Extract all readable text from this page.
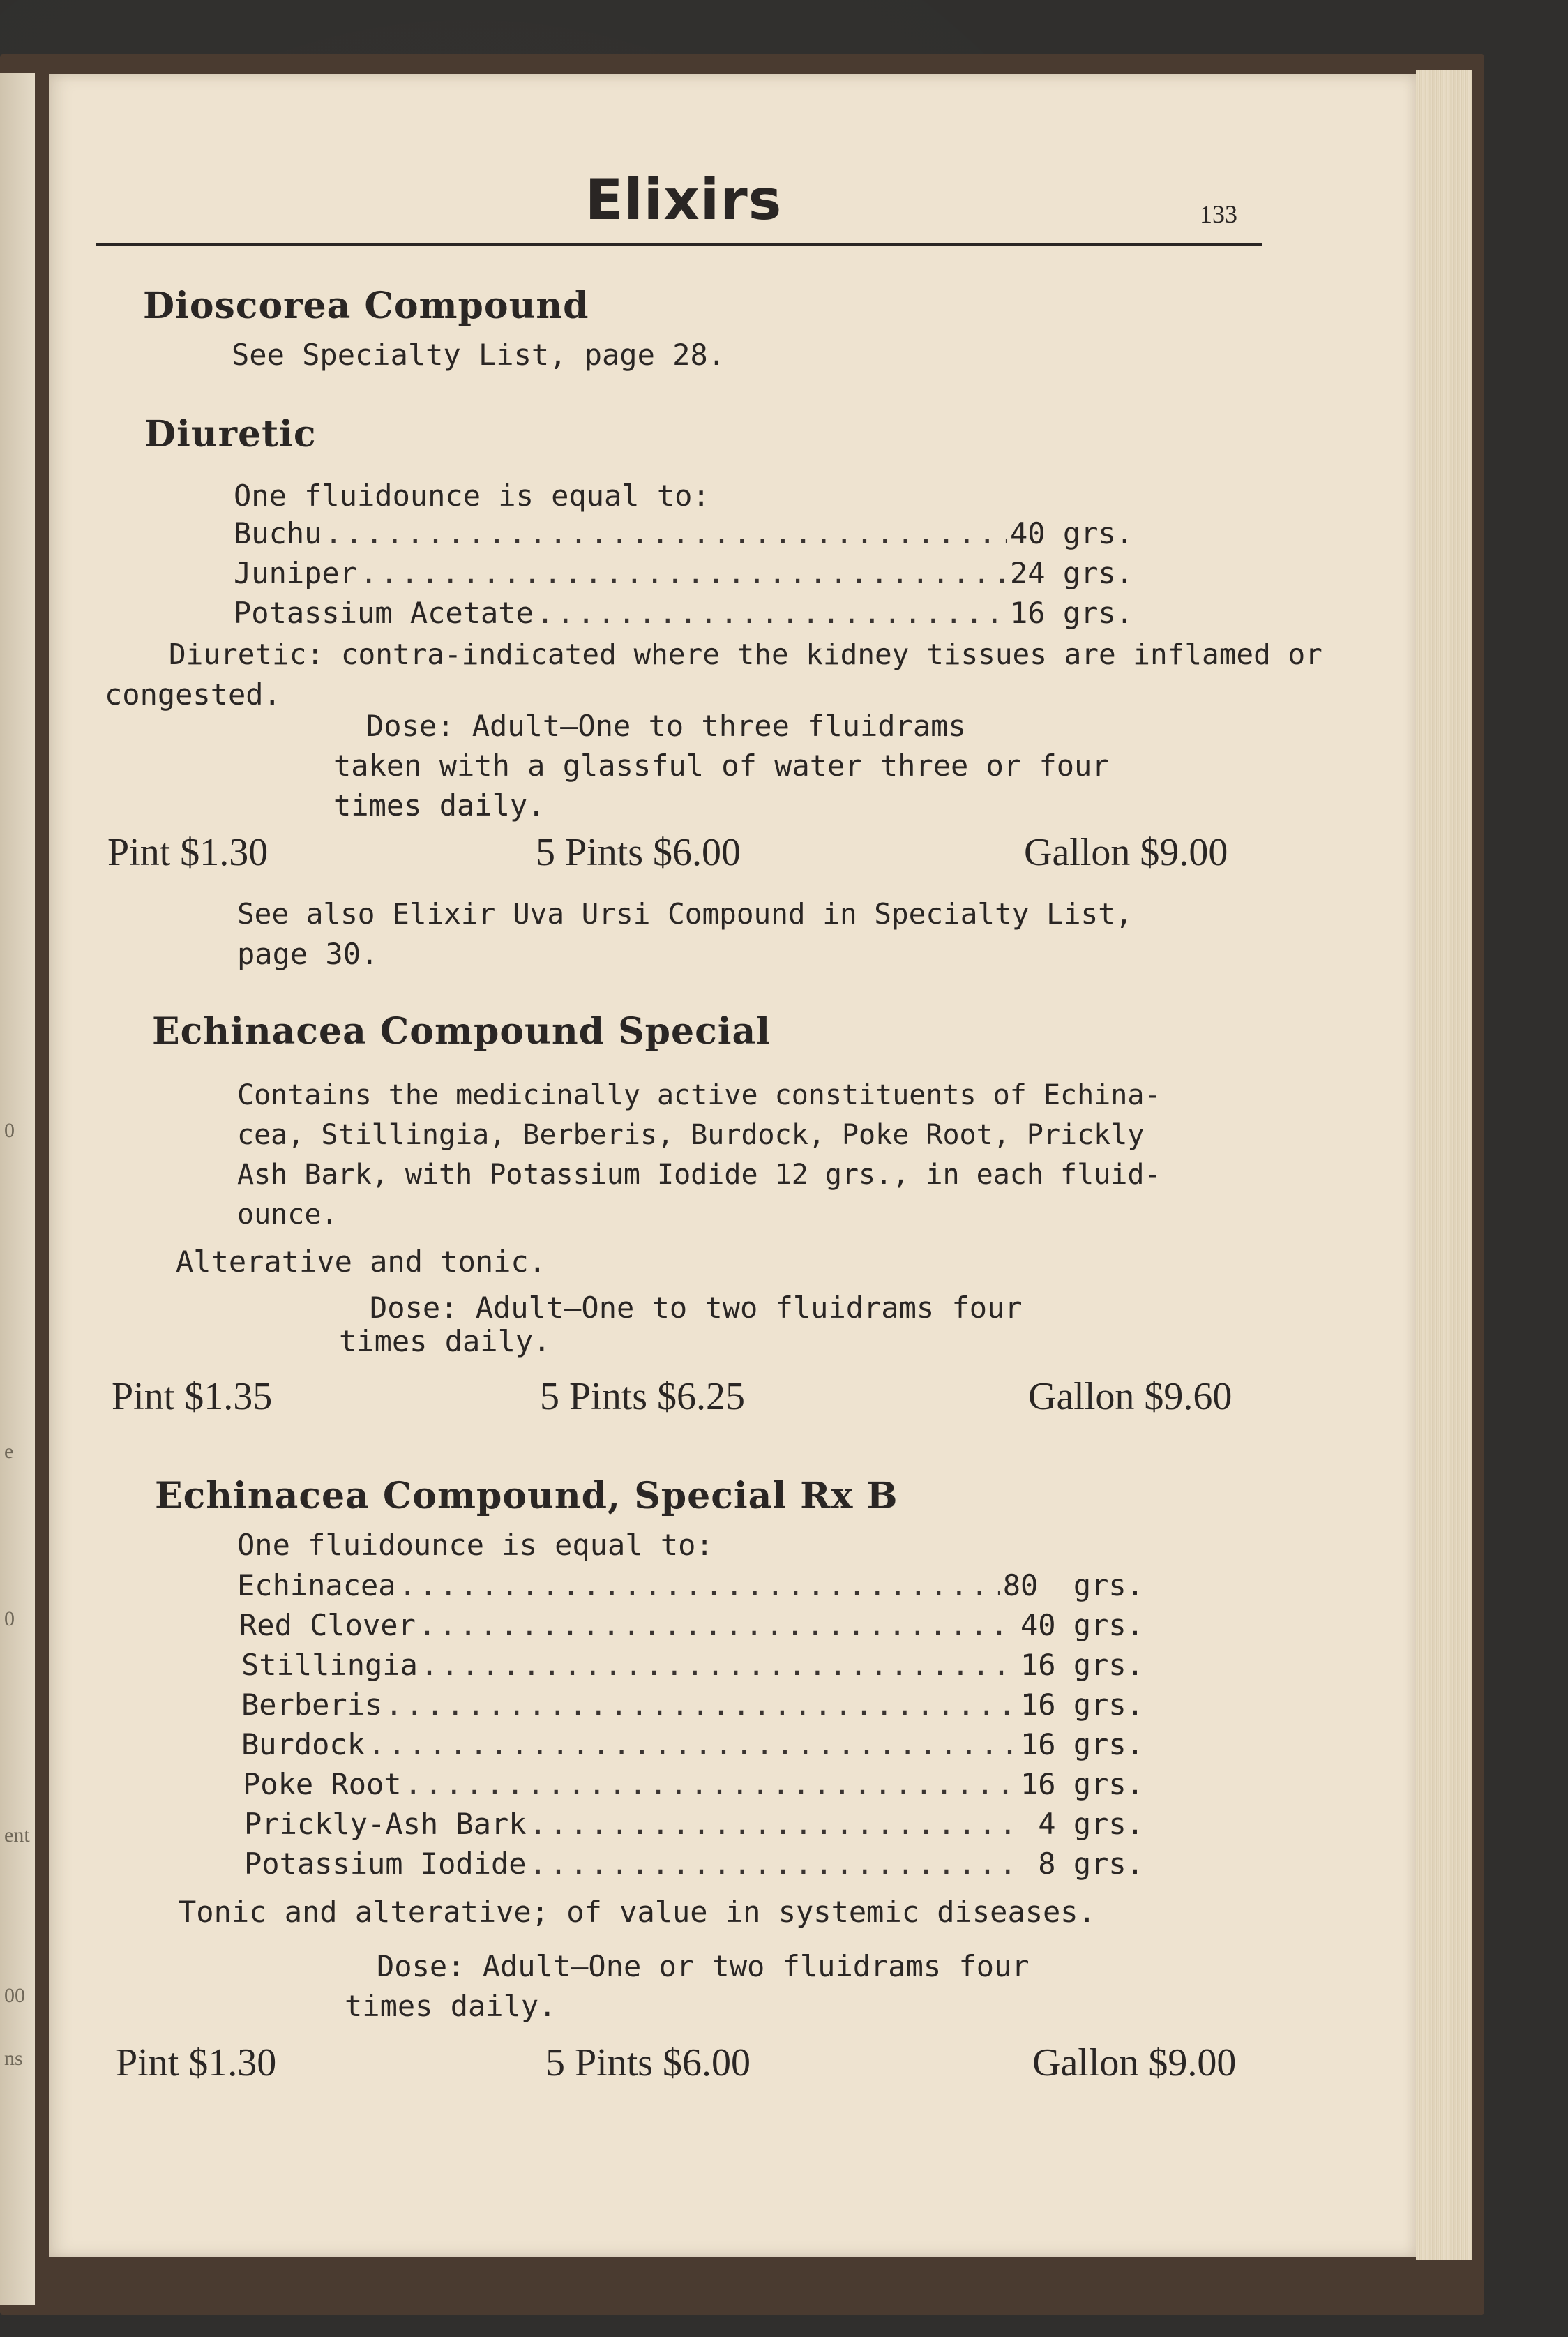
e
0
0
ent
00
ns
Elixirs	133
Dioscorea Compound
See Specialty List, page 28.
Diuretic
One fluidounce is equal to:
Buchu .....	40 grs.
Juniper .....	24 grs.
Potassium Acetate .....	16 grs.
Diuretic: contra-indicated where the kidney tissues are inflamed or
congested.
Dose: Adult—One to three fluidrams
taken with a glassful of water three or four
times daily.
Pint $1.30	5 Pints $6.00	Gallon $9.00
See also Elixir Uva Ursi Compound in Specialty List,
page 30.
Echinacea Compound Special
Contains the medicinally active constituents of Echina-
cea, Stillingia, Berberis, Burdock, Poke Root, Prickly
Ash Bark, with Potassium Iodide 12 grs., in each fluid-
ounce.
Alterative and tonic.
Dose: Adult—One to two fluidrams four
times daily.
Pint $1.35	5 Pints $6.25	Gallon $9.60
Echinacea Compound, Special Rx B
One fluidounce is equal to:
Echinacea .....	80  grs.
Red Clover .....	40 grs.
Stillingia .....	16 grs.
Berberis .....	16 grs.
Burdock .....	16 grs.
Poke Root .....	16 grs.
Prickly-Ash Bark .....	4 grs.
Potassium Iodide .....	8 grs.
Tonic and alterative; of value in systemic diseases.
Dose: Adult—One or two fluidrams four
times daily.
Pint $1.30	5 Pints $6.00	Gallon $9.00
